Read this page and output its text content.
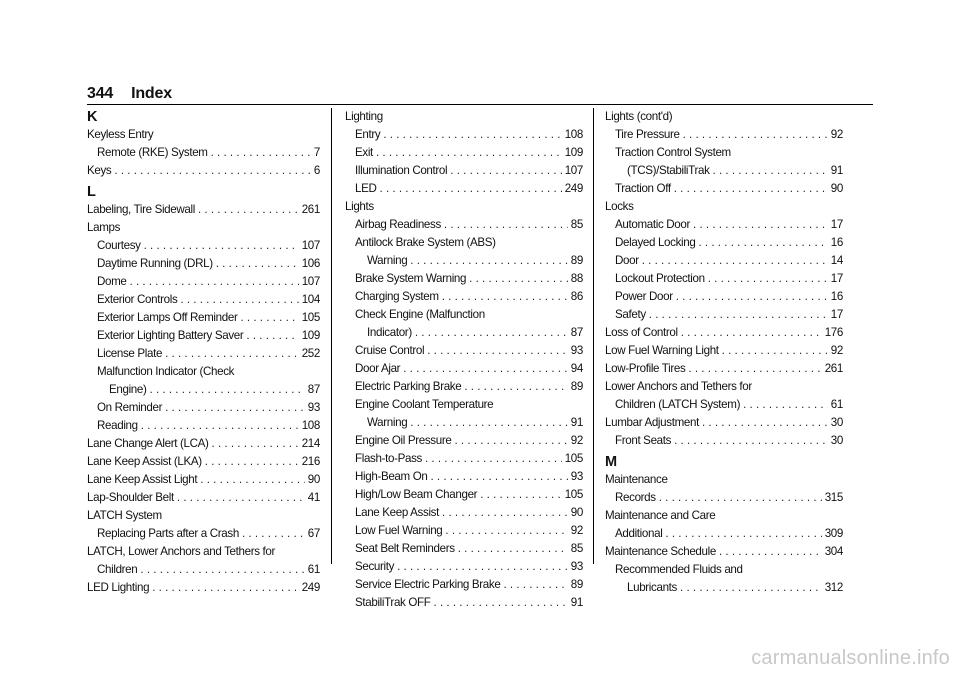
344 Index
K
Keyless Entry
Remote (RKE) System . . .	7
Keys . . .	6
L
Labeling, Tire Sidewall . . .	261
Lamps
Courtesy . . .	107
Daytime Running (DRL) . . .	106
Dome . . .	107
Exterior Controls . . .	104
Exterior Lamps Off Reminder . . .	105
Exterior Lighting Battery Saver . . .	109
License Plate . . .	252
Malfunction Indicator (Check
Engine) . . .	87
On Reminder . . .	93
Reading . . .	108
Lane Change Alert (LCA) . . .	214
Lane Keep Assist (LKA) . . .	216
Lane Keep Assist Light . . .	90
Lap-Shoulder Belt . . .	41
LATCH System
Replacing Parts after a Crash . . .	67
LATCH, Lower Anchors and Tethers for
Children . . .	61
LED Lighting . . .	249
Lighting
Entry . . .	108
Exit . . .	109
Illumination Control . . .	107
LED . . .	249
Lights
Airbag Readiness . . .	85
Antilock Brake System (ABS)
Warning . . .	89
Brake System Warning . . .	88
Charging System . . .	86
Check Engine (Malfunction
Indicator) . . .	87
Cruise Control . . .	93
Door Ajar . . .	94
Electric Parking Brake . . .	89
Engine Coolant Temperature
Warning . . .	91
Engine Oil Pressure . . .	92
Flash-to-Pass . . .	105
High-Beam On . . .	93
High/Low Beam Changer . . .	105
Lane Keep Assist . . .	90
Low Fuel Warning . . .	92
Seat Belt Reminders . . .	85
Security . . .	93
Service Electric Parking Brake . . .	89
StabiliTrak OFF . . .	91
Lights (cont'd)
Tire Pressure . . .	92
Traction Control System
(TCS)/StabiliTrak . . .	91
Traction Off . . .	90
Locks
Automatic Door . . .	17
Delayed Locking . . .	16
Door . . .	14
Lockout Protection . . .	17
Power Door . . .	16
Safety . . .	17
Loss of Control . . .	176
Low Fuel Warning Light . . .	92
Low-Profile Tires . . .	261
Lower Anchors and Tethers for
Children (LATCH System) . . .	61
Lumbar Adjustment . . .	30
Front Seats . . .	30
M
Maintenance
Records . . .	315
Maintenance and Care
Additional . . .	309
Maintenance Schedule . . .	304
Recommended Fluids and
Lubricants . . .	312
carmanualsonline.info
